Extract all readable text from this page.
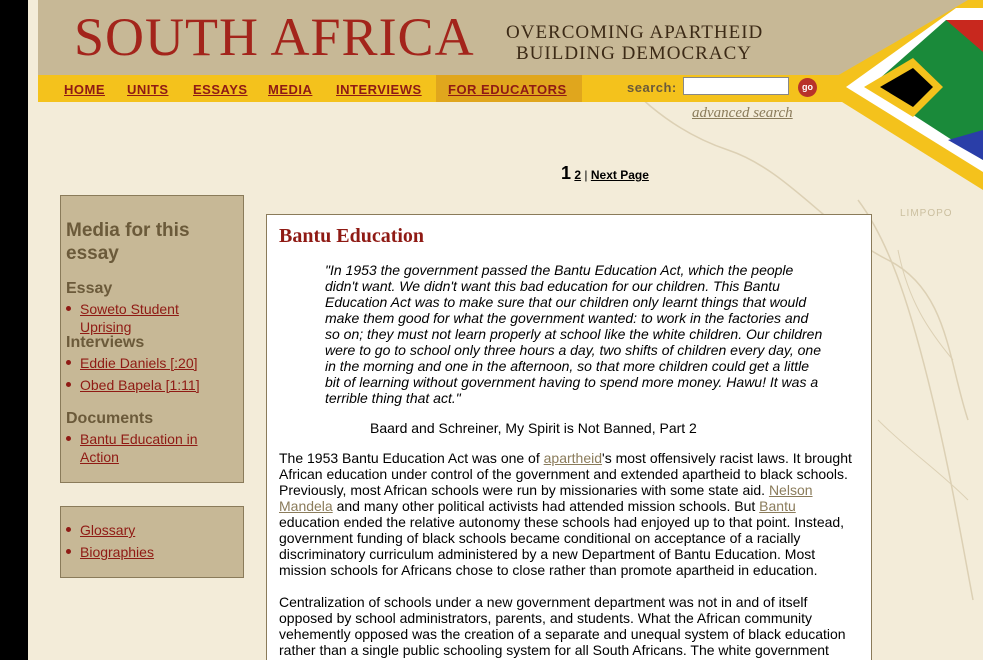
LIMPOPO
SOUTH AFRICA OVERCOMING APARTHEID
BUILDING DEMOCRACY
HOME UNITS ESSAYS MEDIA INTERVIEWS FOR EDUCATORS	search:	go
advanced search
1 2 | Next Page
Media for this essay
Essay
Soweto Student Uprising
Interviews
Eddie Daniels [:20]
Obed Bapela [1:11]
Documents
Bantu Education in Action
Glossary
Biographies
Bantu Education

"In 1953 the government passed the Bantu Education Act, which the people didn't want. We didn't want this bad education for our children. This Bantu Education Act was to make sure that our children only learnt things that would make them good for what the government wanted: to work in the factories and so on; they must not learn properly at school like the white children. Our children were to go to school only three hours a day, two shifts of children every day, one in the morning and one in the afternoon, so that more children could get a little bit of learning without government having to spend more money. Hawu! It was a terrible thing that act."

Baard and Schreiner, My Spirit is Not Banned, Part 2

The 1953 Bantu Education Act was one of apartheid's most offensively racist laws. It brought African education under control of the government and extended apartheid to black schools. Previously, most African schools were run by missionaries with some state aid. Nelson Mandela and many other political activists had attended mission schools. But Bantu education ended the relative autonomy these schools had enjoyed up to that point. Instead, government funding of black schools became conditional on acceptance of a racially discriminatory curriculum administered by a new Department of Bantu Education. Most mission schools for Africans chose to close rather than promote apartheid in education.

Centralization of schools under a new government department was not in and of itself opposed by school administrators, parents, and students. What the African community vehemently opposed was the creation of a separate and unequal system of black education rather than a single public schooling system for all South Africans. The white government
